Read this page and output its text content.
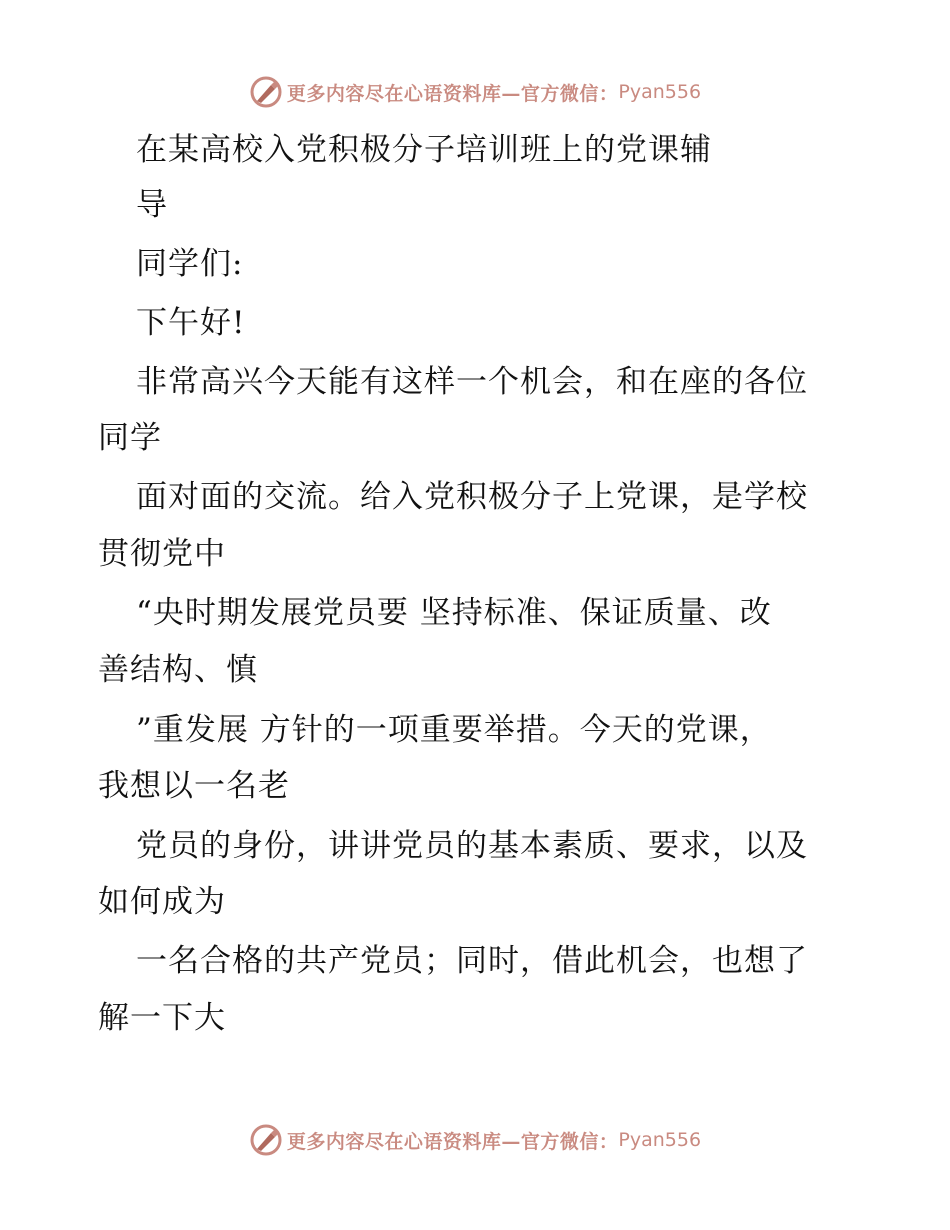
更多内容尽在心语资料库—官方微信： Pyan556
在某高校入党积极分子培训班上的党课辅
导
同学们:
下午好!
非常高兴今天能有这样一个机会，和在座的各位
同学
面对面的交流。给入党积极分子上党课，是学校
贯彻党中
“央时期发展党员要 坚持标准、保证质量、改
善结构、慎
”重发展 方针的一项重要举措。今天的党课，
我想以一名老
党员的身份，讲讲党员的基本素质、要求，以及
如何成为
一名合格的共产党员；同时，借此机会，也想了
解一下大
更多内容尽在心语资料库—官方微信： Pyan556
